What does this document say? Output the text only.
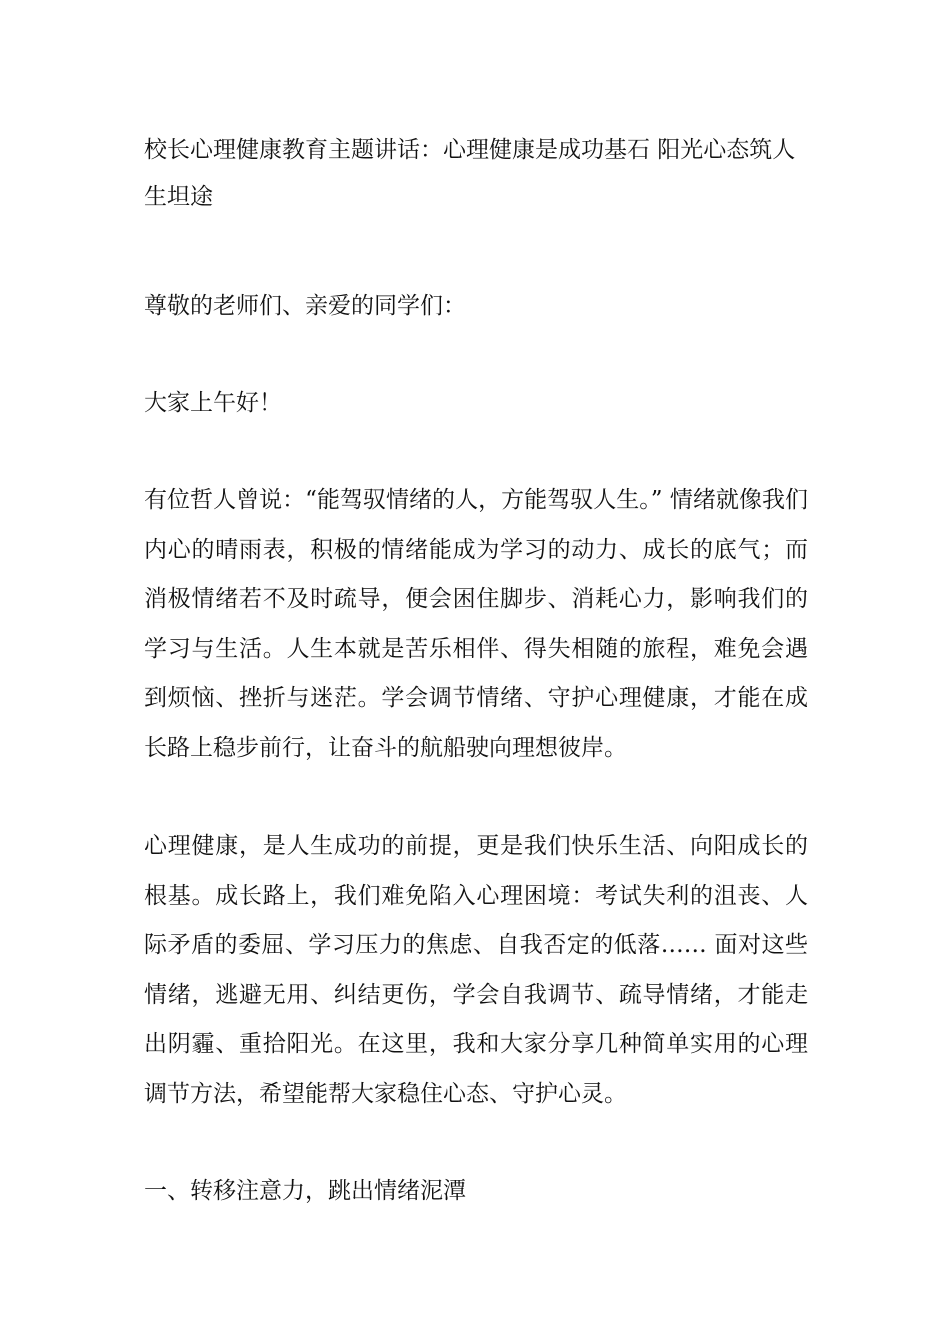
校长心理健康教育主题讲话：心理健康是成功基石 阳光心态筑人生坦途

尊敬的老师们、亲爱的同学们：

大家上午好！

有位哲人曾说：“能驾驭情绪的人，方能驾驭人生。” 情绪就像我们内心的晴雨表，积极的情绪能成为学习的动力、成长的底气；而消极情绪若不及时疏导，便会困住脚步、消耗心力，影响我们的学习与生活。人生本就是苦乐相伴、得失相随的旅程，难免会遇到烦恼、挫折与迷茫。学会调节情绪、守护心理健康，才能在成长路上稳步前行，让奋斗的航船驶向理想彼岸。

心理健康，是人生成功的前提，更是我们快乐生活、向阳成长的根基。成长路上，我们难免陷入心理困境：考试失利的沮丧、人际矛盾的委屈、学习压力的焦虑、自我否定的低落…… 面对这些情绪，逃避无用、纠结更伤，学会自我调节、疏导情绪，才能走出阴霾、重拾阳光。在这里，我和大家分享几种简单实用的心理调节方法，希望能帮大家稳住心态、守护心灵。

一、转移注意力，跳出情绪泥潭
